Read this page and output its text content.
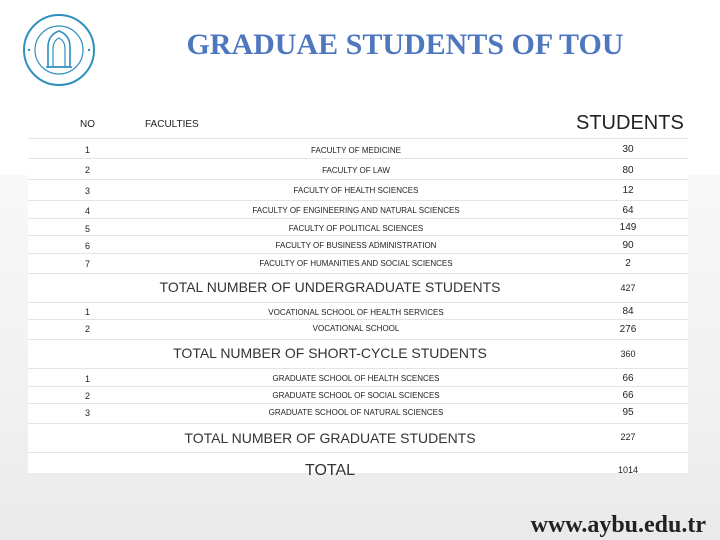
GRADUAE STUDENTS OF TOU
NO	FACULTIES	STUDENTS
1	FACULTY OF MEDICINE	30
2	FACULTY OF LAW	80
3	FACULTY OF HEALTH SCIENCES	12
4	FACULTY OF ENGINEERING AND NATURAL SCIENCES	64
5	FACULTY OF POLITICAL SCIENCES	149
6	FACULTY OF BUSINESS ADMINISTRATION	90
7	FACULTY OF HUMANITIES AND SOCIAL SCIENCES	2
TOTAL NUMBER OF UNDERGRADUATE STUDENTS	427
1	VOCATIONAL SCHOOL OF HEALTH SERVICES	84
2	VOCATIONAL SCHOOL	276
TOTAL NUMBER OF SHORT-CYCLE STUDENTS	360
1	GRADUATE SCHOOL OF HEALTH SCENCES	66
2	GRADUATE SCHOOL OF SOCIAL SCIENCES	66
3	GRADUATE SCHOOL OF NATURAL SCIENCES	95
TOTAL NUMBER OF GRADUATE STUDENTS	227
TOTAL	1014
www.aybu.edu.tr
